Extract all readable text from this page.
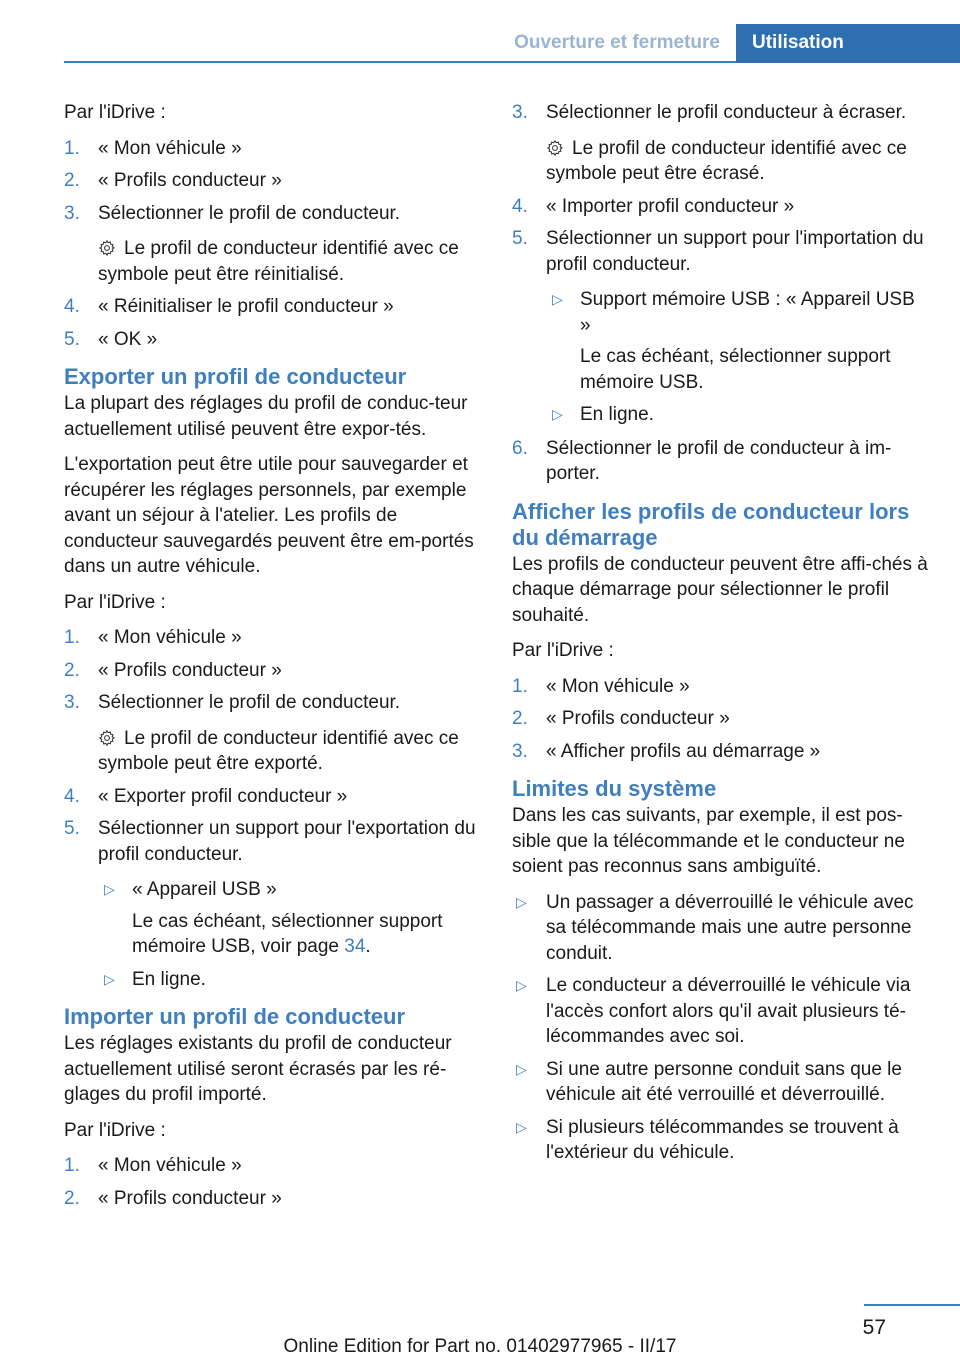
Ouverture et fermeture	Utilisation

Par l'iDrive :

1. « Mon véhicule »
2. « Profils conducteur »
3. Sélectionner le profil de conducteur.
Le profil de conducteur identifié avec ce symbole peut être réinitialisé.
4. « Réinitialiser le profil conducteur »
5. « OK »
Exporter un profil de conducteur

La plupart des réglages du profil de conduc‐teur actuellement utilisé peuvent être expor‐tés.

L'exportation peut être utile pour sauvegarder et récupérer les réglages personnels, par exemple avant un séjour à l'atelier. Les profils de conducteur sauvegardés peuvent être em‐portés dans un autre véhicule.

Par l'iDrive :

1. « Mon véhicule »
2. « Profils conducteur »
3. Sélectionner le profil de conducteur.
Le profil de conducteur identifié avec ce symbole peut être exporté.
4. « Exporter profil conducteur »
5. Sélectionner un support pour l'exportation du profil conducteur.
▷ « Appareil USB »
Le cas échéant, sélectionner support mémoire USB, voir page 34.
▷ En ligne.
Importer un profil de conducteur

Les réglages existants du profil de conducteur actuellement utilisé seront écrasés par les ré‐glages du profil importé.

Par l'iDrive :

1. « Mon véhicule »
2. « Profils conducteur »
3. Sélectionner le profil conducteur à écraser.
Le profil de conducteur identifié avec ce symbole peut être écrasé.
4. « Importer profil conducteur »
5. Sélectionner un support pour l'importation du profil conducteur.
▷ Support mémoire USB : « Appareil USB »
Le cas échéant, sélectionner support mémoire USB.
▷ En ligne.
6. Sélectionner le profil de conducteur à im‐porter.
Afficher les profils de conducteur lors du démarrage

Les profils de conducteur peuvent être affi‐chés à chaque démarrage pour sélectionner le profil souhaité.

Par l'iDrive :

1. « Mon véhicule »
2. « Profils conducteur »
3. « Afficher profils au démarrage »
Limites du système

Dans les cas suivants, par exemple, il est pos‐sible que la télécommande et le conducteur ne soient pas reconnus sans ambiguïté.

▷ Un passager a déverrouillé le véhicule avec sa télécommande mais une autre personne conduit.
▷ Le conducteur a déverrouillé le véhicule via l'accès confort alors qu'il avait plusieurs té‐lécommandes avec soi.
▷ Si une autre personne conduit sans que le véhicule ait été verrouillé et déverrouillé.
▷ Si plusieurs télécommandes se trouvent à l'extérieur du véhicule.
57
Online Edition for Part no. 01402977965 - II/17
